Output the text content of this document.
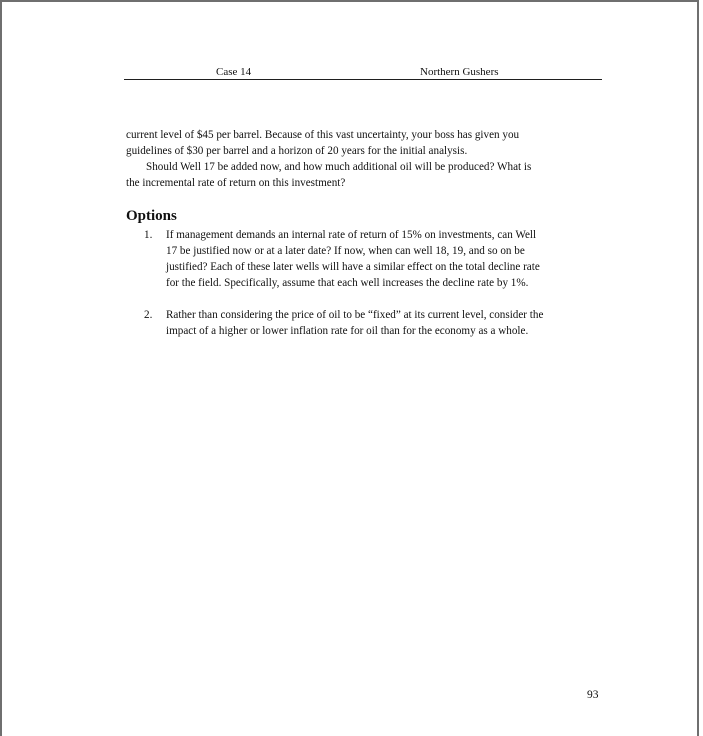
Case 14	Northern Gushers
current level of $45 per barrel. Because of this vast uncertainty, your boss has given you
guidelines of $30 per barrel and a horizon of 20 years for the initial analysis.
Should Well 17 be added now, and how much additional oil will be produced? What is
the incremental rate of return on this investment?
Options
1.	If management demands an internal rate of return of 15% on investments, can Well
17 be justified now or at a later date? If now, when can well 18, 19, and so on be
justified? Each of these later wells will have a similar effect on the total decline rate
for the field. Specifically, assume that each well increases the decline rate by 1%.
2.	Rather than considering the price of oil to be “fixed” at its current level, consider the
impact of a higher or lower inflation rate for oil than for the economy as a whole.
93
